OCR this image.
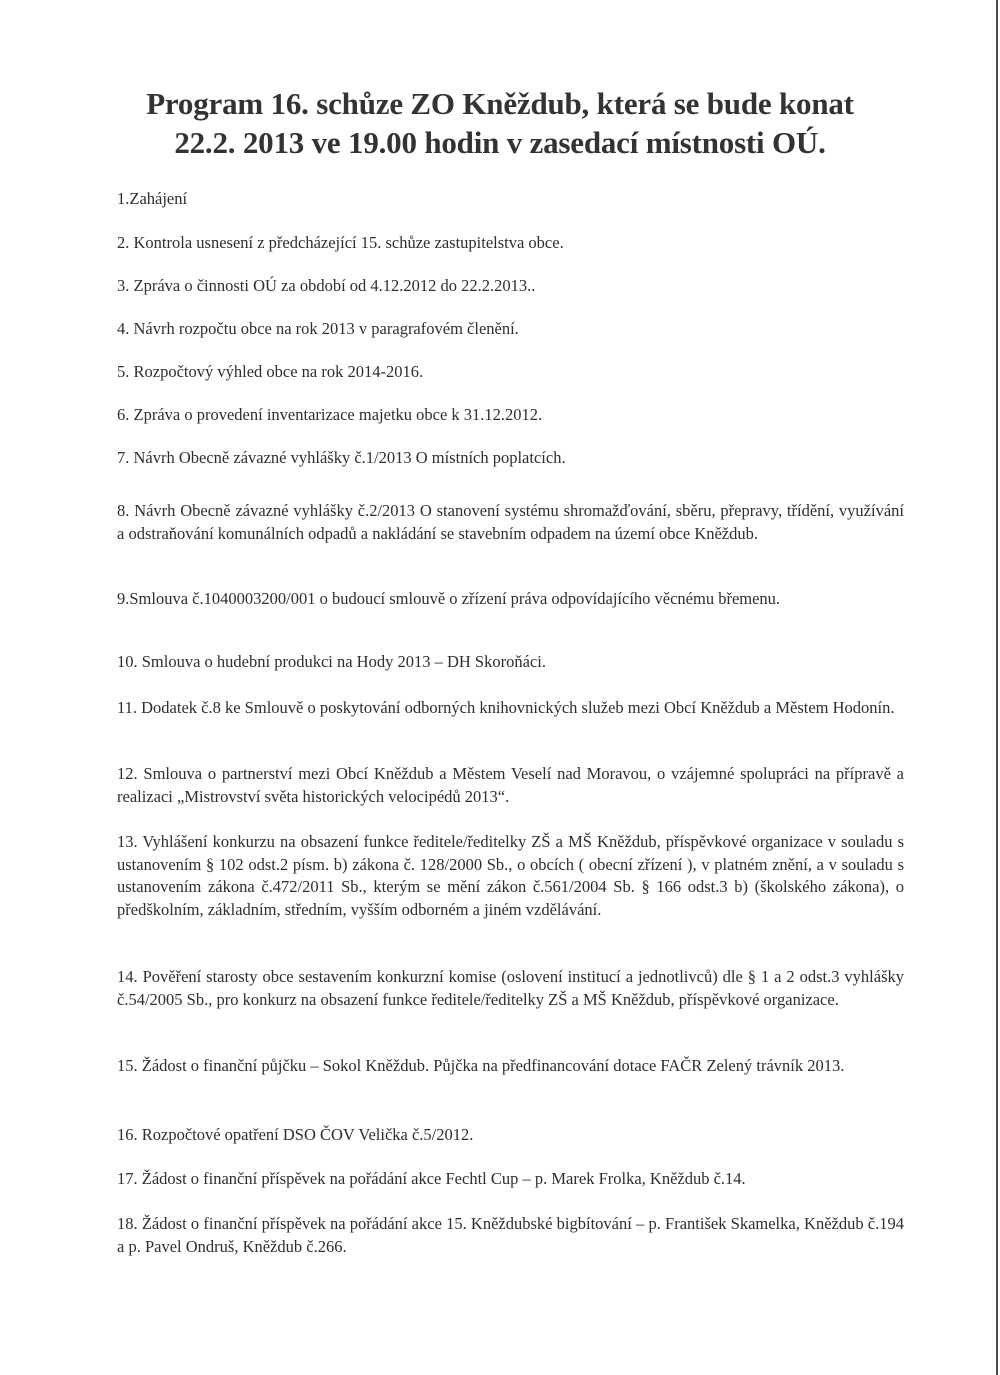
Program 16. schůze ZO Kněždub, která se bude konat
22.2. 2013 ve 19.00 hodin v zasedací místnosti OÚ.

1.Zahájení

2. Kontrola usnesení z předcházející 15. schůze zastupitelstva obce.

3. Zpráva o činnosti OÚ za období od 4.12.2012 do 22.2.2013..

4. Návrh rozpočtu obce na rok 2013 v paragrafovém členění.

5. Rozpočtový výhled obce na rok 2014-2016.

6. Zpráva o provedení inventarizace majetku obce k 31.12.2012.

7. Návrh Obecně závazné vyhlášky č.1/2013 O místních poplatcích.

8. Návrh Obecně závazné vyhlášky č.2/2013 O stanovení systému shromažďování, sběru, přepravy, třídění, využívání a odstraňování komunálních odpadů a nakládání se stavebním odpadem na území obce Kněždub.

9.Smlouva č.1040003200/001 o budoucí smlouvě o zřízení práva odpovídajícího věcnému břemenu.

10. Smlouva o hudební produkci na Hody 2013 – DH Skoroňáci.

11. Dodatek č.8 ke Smlouvě o poskytování odborných knihovnických služeb mezi Obcí Kněždub a Městem Hodonín.

12. Smlouva o partnerství mezi Obcí Kněždub a Městem Veselí nad Moravou, o vzájemné spolupráci na přípravě a realizaci „Mistrovství světa historických velocipédů 2013“.

13. Vyhlášení konkurzu na obsazení funkce ředitele/ředitelky ZŠ a MŠ Kněždub, příspěvkové organizace v souladu s ustanovením § 102 odst.2 písm. b) zákona č. 128/2000 Sb., o obcích ( obecní zřízení ), v platném znění, a v souladu s ustanovením zákona č.472/2011 Sb., kterým se mění zákon č.561/2004 Sb. § 166 odst.3 b) (školského zákona), o předškolním, základním, středním, vyšším odborném a jiném vzdělávání.

14. Pověření starosty obce sestavením konkurzní komise (oslovení institucí a jednotlivců) dle § 1 a 2 odst.3 vyhlášky č.54/2005 Sb., pro konkurz na obsazení funkce ředitele/ředitelky ZŠ a MŠ Kněždub, příspěvkové organizace.

15. Žádost o finanční půjčku – Sokol Kněždub. Půjčka na předfinancování dotace FAČR Zelený trávník 2013.

16. Rozpočtové opatření DSO ČOV Velička č.5/2012.

17. Žádost o finanční příspěvek na pořádání akce Fechtl Cup – p. Marek Frolka, Kněždub č.14.

18. Žádost o finanční příspěvek na pořádání akce 15. Kněždubské bigbítování – p. František Skamelka, Kněždub č.194 a p. Pavel Ondruš, Kněždub č.266.
